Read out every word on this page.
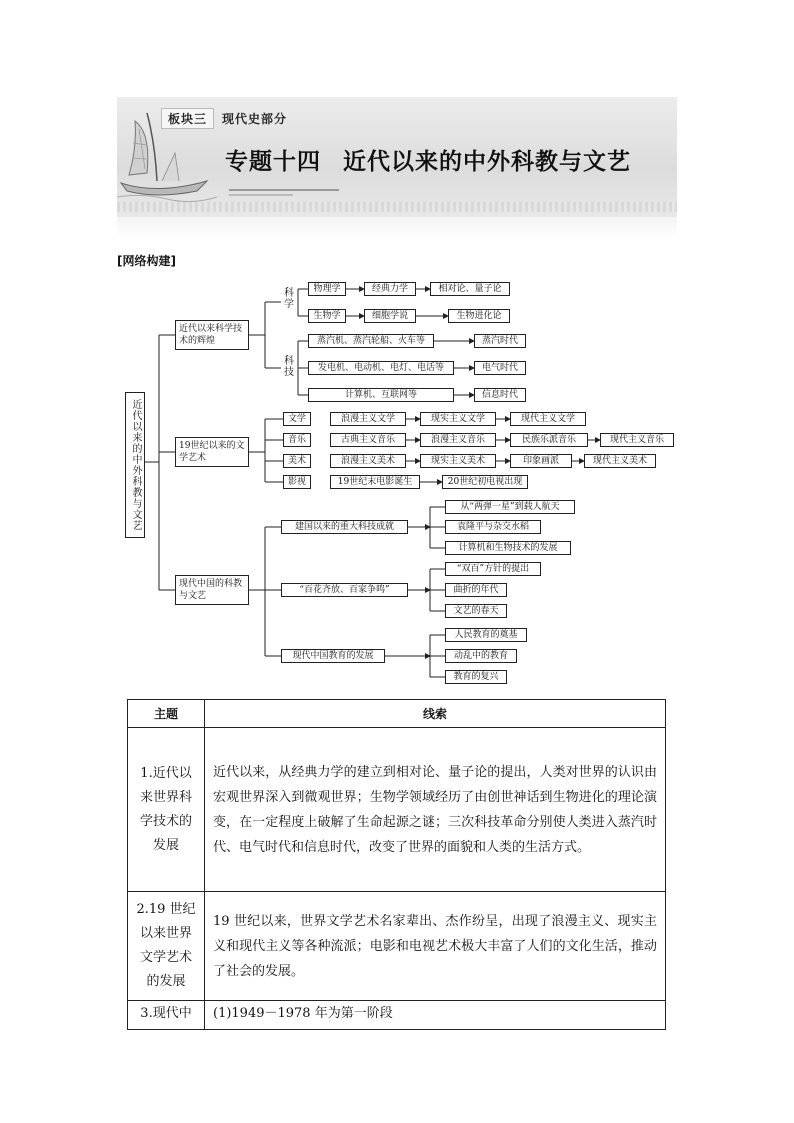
板块三 现代史部分
专题十四 近代以来的中外科教与文艺
[网络构建]
近代以来的中外科教与文艺
近代以来科学技术的辉煌
科学
科技
物理学	经典力学	相对论、量子论
生物学	细胞学说	生物进化论
蒸汽机、蒸汽轮船、火车等	蒸汽时代
发电机、电动机、电灯、电话等	电气时代
计算机、互联网等	信息时代
19世纪以来的文学艺术
文学	浪漫主义文学	现实主义文学	现代主义文学
音乐	古典主义音乐	浪漫主义音乐	民族乐派音乐	现代主义音乐
美术	浪漫主义美术	现实主义美术	印象画派	现代主义美术
影视	19世纪末电影诞生	20世纪初电视出现
现代中国的科教与文艺
建国以来的重大科技成就
从“两弹一星”到载人航天
袁隆平与杂交水稻
计算机和生物技术的发展
“百花齐放、百家争鸣”
“双百”方针的提出
曲折的年代
文艺的春天
现代中国教育的发展
人民教育的奠基
动乱中的教育
教育的复兴
主题	线索
1.近代以来世界科学技术的发展	近代以来，从经典力学的建立到相对论、量子论的提出，人类对世界的认识由宏观世界深入到微观世界；生物学领域经历了由创世神话到生物进化的理论演变，在一定程度上破解了生命起源之谜；三次科技革命分别使人类进入蒸汽时代、电气时代和信息时代，改变了世界的面貌和人类的生活方式。
2.19 世纪以来世界文学艺术的发展	19 世纪以来，世界文学艺术名家辈出、杰作纷呈，出现了浪漫主义、现实主义和现代主义等各种流派；电影和电视艺术极大丰富了人们的文化生活，推动了社会的发展。
3.现代中	(1)1949－1978 年为第一阶段
